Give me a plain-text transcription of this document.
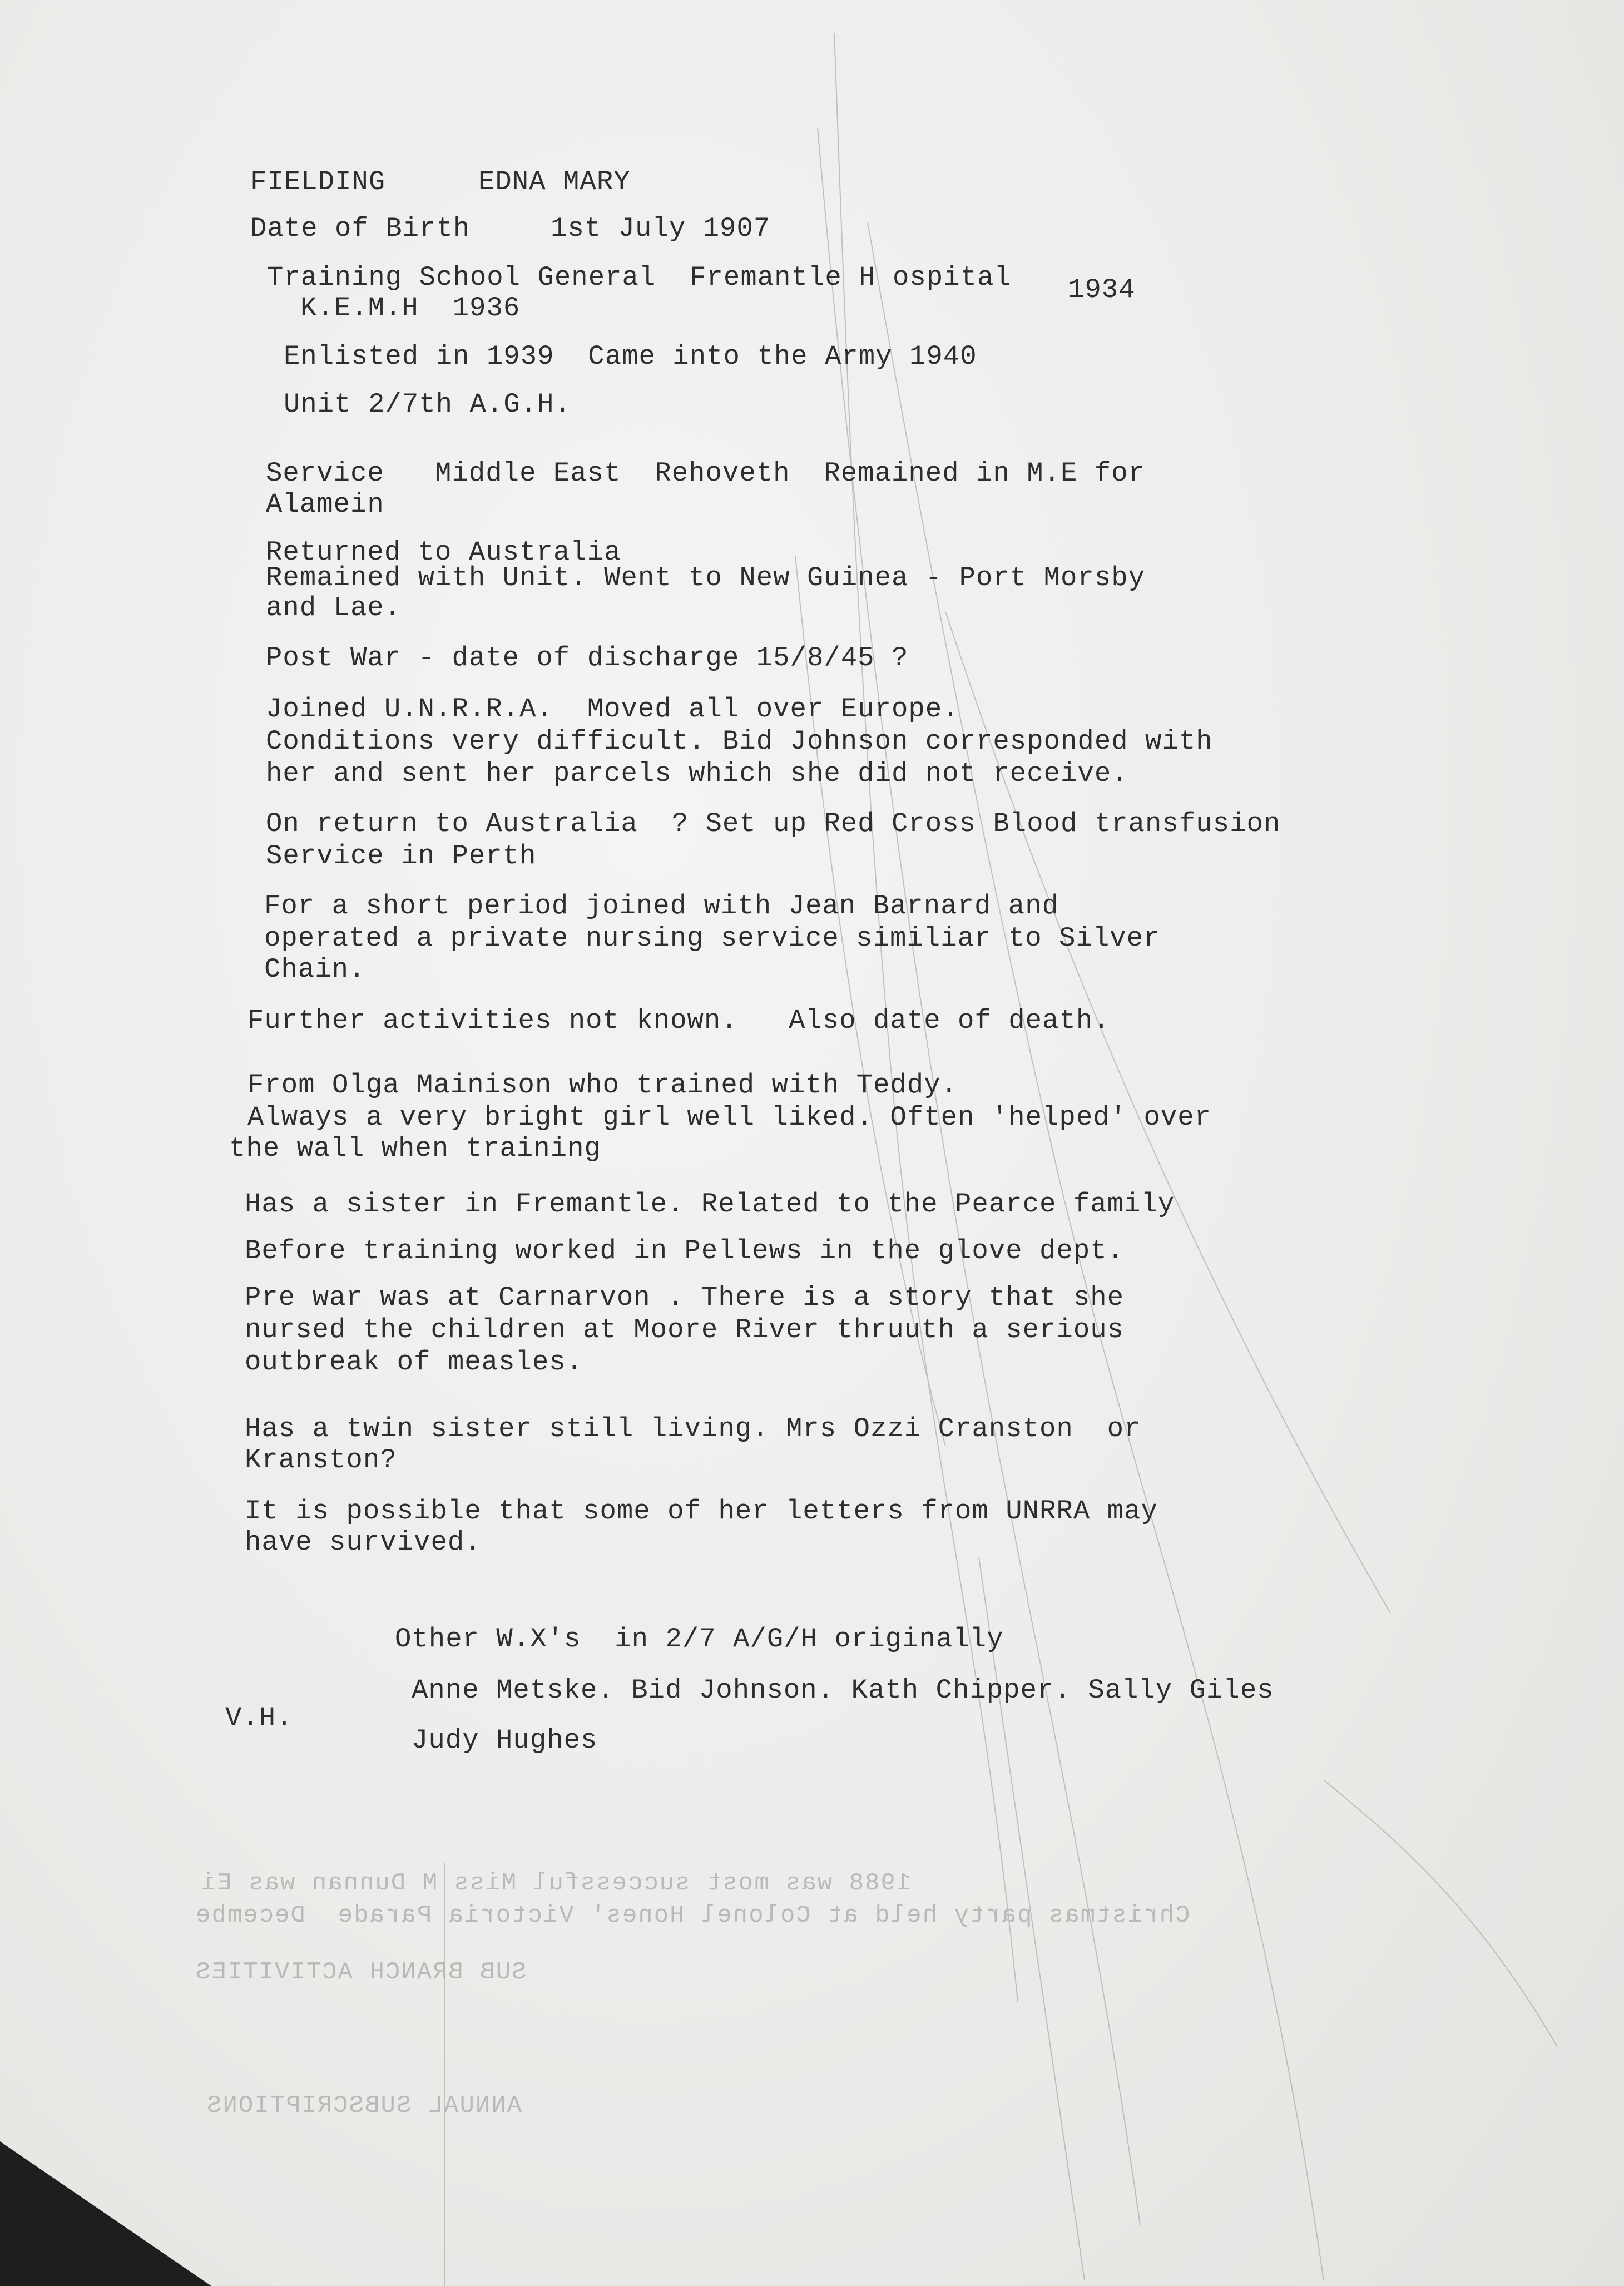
FIELDING	EDNA MARY
Date of Birth	1st July 1907
Training School General  Fremantle H ospital 1934
K.E.M.H  1936
Enlisted in 1939  Came into the Army 1940
Unit 2/7th A.G.H.
Service   Middle East  Rehoveth  Remained in M.E for
Alamein
Returned to Australia
Remained with Unit. Went to New Guinea - Port Morsby
and Lae.
Post War - date of discharge 15/8/45 ?
Joined U.N.R.R.A.  Moved all over Europe.
Conditions very difficult. Bid Johnson corresponded with
her and sent her parcels which she did not receive.
On return to Australia  ? Set up Red Cross Blood transfusion
Service in Perth
For a short period joined with Jean Barnard and
operated a private nursing service similiar to Silver
Chain.
Further activities not known.   Also date of death.
From Olga Mainison who trained with Teddy.
Always a very bright girl well liked. Often 'helped' over
the wall when training
Has a sister in Fremantle. Related to the Pearce family
Before training worked in Pellews in the glove dept.
Pre war was at Carnarvon . There is a story that she
nursed the children at Moore River thruuth a serious
outbreak of measles.
Has a twin sister still living. Mrs Ozzi Cranston  or
Kranston?
It is possible that some of her letters from UNRRA may
have survived.
Other W.X's  in 2/7 A/G/H originally
Anne Metske. Bid Johnson. Kath Chipper. Sally Giles
V.H.
Judy Hughes
1988 was most successful Miss M Dunnan was Ei
Christmas party held at Colonel Hones' Victoria Parade  Decembe
SUB BRANCH ACTIVITIES
ANNUAL SUBSCRIPTIONS
